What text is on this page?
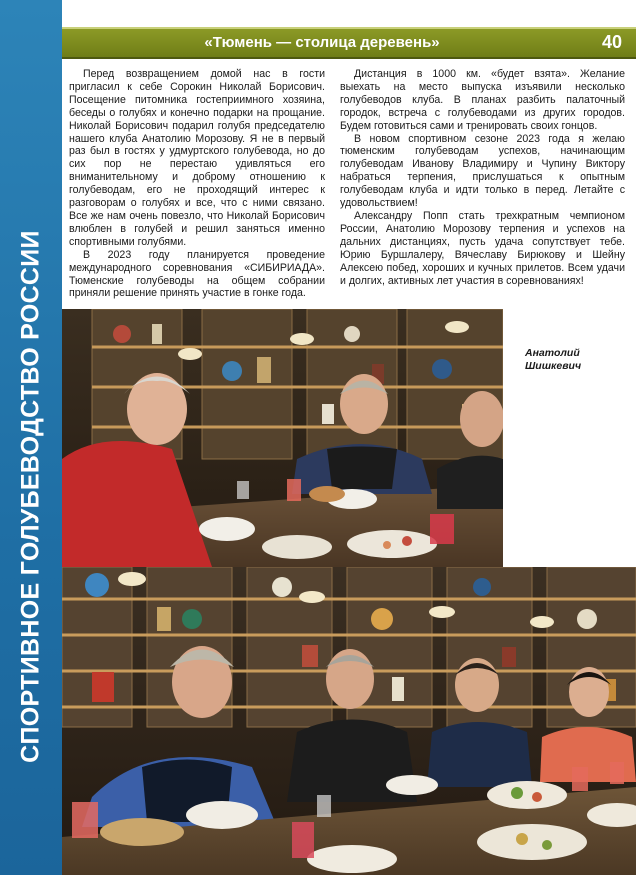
СПОРТИВНОЕ ГОЛУБЕВОДСТВО РОССИИ
«Тюмень — столица деревень»	40

Перед возвращением домой нас в гости пригласил к себе Сорокин Николай Борисович. Посещение питомника гостеприимного хозяина, беседы о голубях и конечно подарки на прощание. Николай Борисович подарил голубя председателю нашего клуба Анатолию Морозову. Я не в первый раз был в гостях у удмуртского голубевода, но до сих пор не перестаю удивляться его вниманительному и доброму отношению к голубеводам, его не проходящий интерес к разговорам о голубях и все, что с ними связано. Все же нам очень повезло, что Николай Борисович влюблен в голубей и решил заняться именно спортивными голубями.

В 2023 году планируется проведение международного соревнования «СИБИРИАДА». Тюменские голубеводы на общем собрании приняли решение принять участие в гонке года.

Дистанция в 1000 км. «будет взята». Желание выехать на место выпуска изъявили несколько голубеводов клуба. В планах разбить палаточный городок, встреча с голубеводами из других городов. Будем готовиться сами и тренировать своих гонцов.

В новом спортивном сезоне 2023 года я желаю тюменским голубеводам успехов, начинающим голубеводам Иванову Владимиру и Чупину Виктору набраться терпения, прислушаться к опытным голубеводам клуба и идти только в перед. Летайте с удовольствием!

Александру Попп стать трехкратным чемпионом России, Анатолию Морозову терпения и успехов на дальних дистанциях, пусть удача сопутствует тебе. Юрию Буршлалеру, Вячеславу Бирюкову и Шейну Алексею побед, хороших и кучных прилетов. Всем удачи и долгих, активных лет участия в соревнованиях!

Анатолий
Шишкевич
